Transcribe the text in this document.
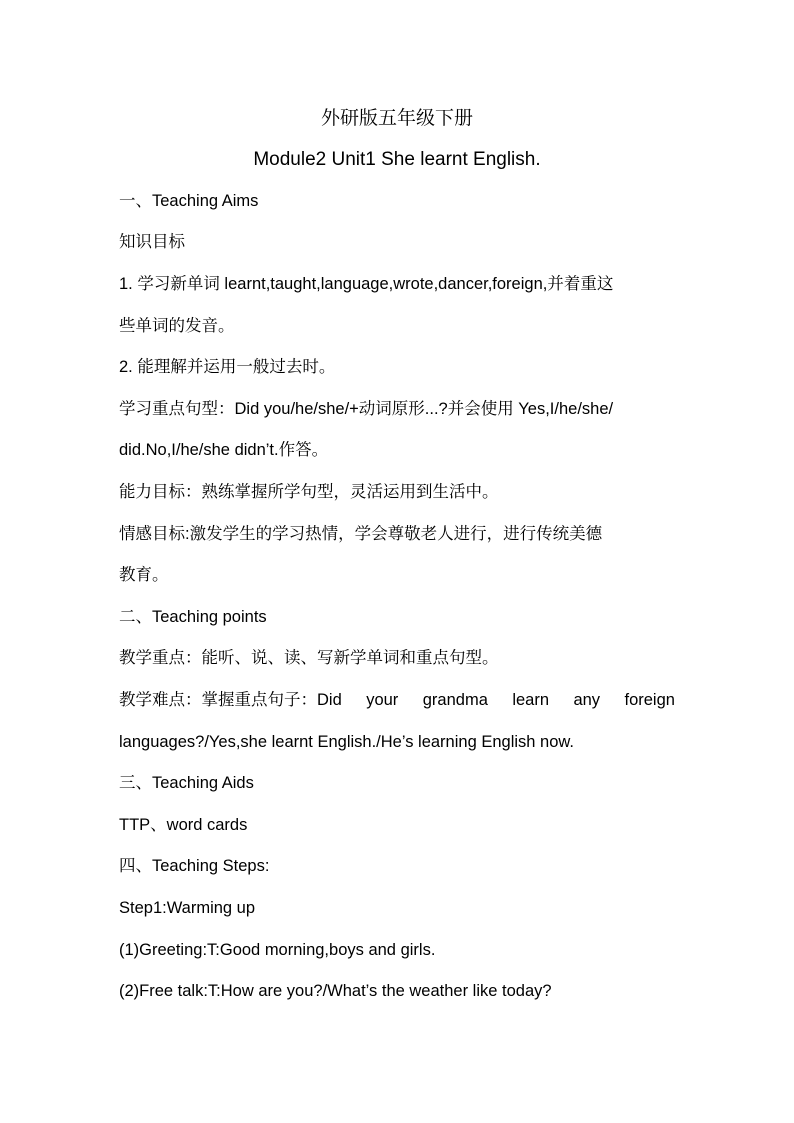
外研版五年级下册
Module2 Unit1 She learnt English.
一、Teaching Aims
知识目标
1. 学习新单词 learnt,taught,language,wrote,dancer,foreign,并着重这
些单词的发音。
2. 能理解并运用一般过去时。
学习重点句型：Did you/he/she/+动词原形...?并会使用 Yes,I/he/she/
did.No,I/he/she didn’t.作答。
能力目标：熟练掌握所学句型，灵活运用到生活中。
情感目标:激发学生的学习热情，学会尊敬老人进行，进行传统美德
教育。
二、Teaching points
教学重点：能听、说、读、写新学单词和重点句型。
教学难点：掌握重点句子：Did your grandma learn any foreign
languages?/Yes,she learnt English./He’s learning English now.
三、Teaching Aids
TTP、word cards
四、Teaching Steps:
Step1:Warming up
(1)Greeting:T:Good morning,boys and girls.
(2)Free talk:T:How are you?/What’s the weather like today?
